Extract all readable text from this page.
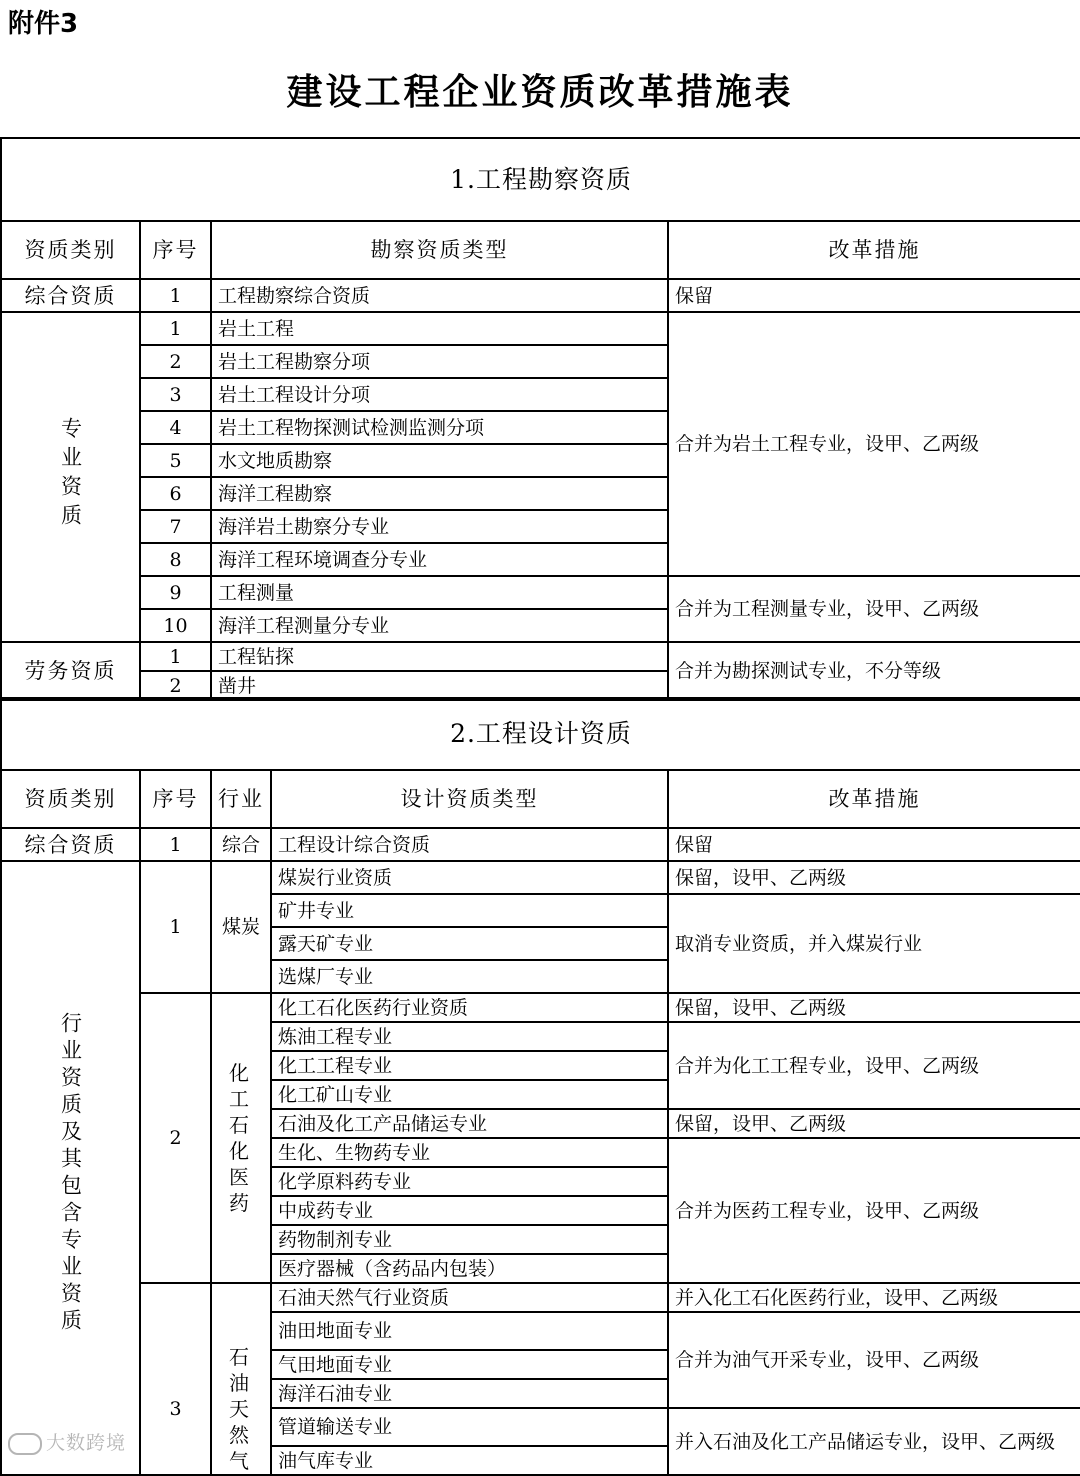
附件3
建设工程企业资质改革措施表
1.工程勘察资质			
资质类别	序号	勘察资质类型	改革措施
综合资质	1	工程勘察综合资质	保留
专业资质	1	岩土工程	合并为岩土工程专业，设甲、乙两级
	2	岩土工程勘察分项	
	3	岩土工程设计分项	
	4	岩土工程物探测试检测监测分项	
	5	水文地质勘察	
	6	海洋工程勘察	
	7	海洋岩土勘察分专业	
	8	海洋工程环境调查分专业	
	9	工程测量	合并为工程测量专业，设甲、乙两级
	10	海洋工程测量分专业	
劳务资质	1	工程钻探	合并为勘探测试专业，不分等级
	2	凿井	
2.工程设计资质				
资质类别	序号	行业	设计资质类型	改革措施
综合资质	1	综合	工程设计综合资质	保留
行业资质及其包含专业资质	1	煤炭	煤炭行业资质	保留，设甲、乙两级
			矿井专业	取消专业资质，并入煤炭行业
			露天矿专业	
			选煤厂专业	
	2	化工石化医药	化工石化医药行业资质	保留，设甲、乙两级
			炼油工程专业	合并为化工工程专业，设甲、乙两级
			化工工程专业	
			化工矿山专业	
			石油及化工产品储运专业	保留，设甲、乙两级
			生化、生物药专业	合并为医药工程专业，设甲、乙两级
			化学原料药专业	
			中成药专业	
			药物制剂专业	
			医疗器械（含药品内包装）	
	3	石油天然气	石油天然气行业资质	并入化工石化医药行业，设甲、乙两级
			油田地面专业	合并为油气开采专业，设甲、乙两级
			气田地面专业	
			海洋石油专业	
			管道输送专业	并入石油及化工产品储运专业，设甲、乙两级
			油气库专业	
大数跨境
